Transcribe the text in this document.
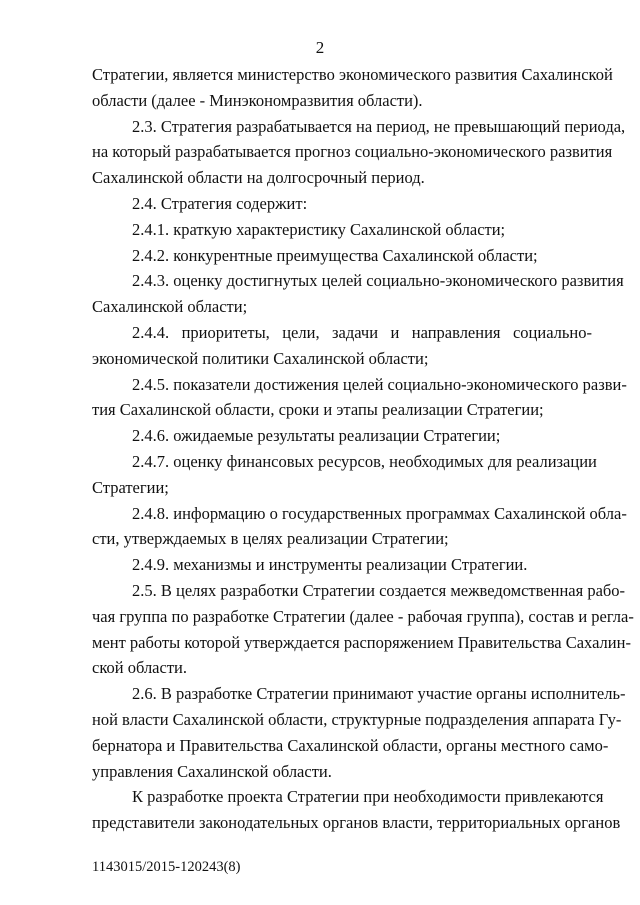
2
Стратегии, является министерство экономического развития Сахалинской
области (далее - Минэкономразвития области).
2.3. Стратегия разрабатывается на период, не превышающий периода,
на который разрабатывается прогноз социально-экономического развития
Сахалинской области на долгосрочный период.
2.4. Стратегия содержит:
2.4.1. краткую характеристику Сахалинской области;
2.4.2. конкурентные преимущества Сахалинской области;
2.4.3. оценку достигнутых целей социально-экономического развития
Сахалинской области;
2.4.4. приоритеты, цели, задачи и направления социально-
экономической политики Сахалинской области;
2.4.5. показатели достижения целей социально-экономического разви-
тия Сахалинской области, сроки и этапы реализации Стратегии;
2.4.6. ожидаемые результаты реализации Стратегии;
2.4.7. оценку финансовых ресурсов, необходимых для реализации
Стратегии;
2.4.8. информацию о государственных программах Сахалинской обла-
сти, утверждаемых в целях реализации Стратегии;
2.4.9. механизмы и инструменты реализации Стратегии.
2.5. В целях разработки Стратегии создается межведомственная рабо-
чая группа по разработке Стратегии (далее - рабочая группа), состав и регла-
мент работы которой утверждается распоряжением Правительства Сахалин-
ской области.
2.6. В разработке Стратегии принимают участие органы исполнитель-
ной власти Сахалинской области, структурные подразделения аппарата Гу-
бернатора и Правительства Сахалинской области, органы местного само-
управления Сахалинской области.
К разработке проекта Стратегии при необходимости привлекаются
представители законодательных органов власти, территориальных органов
1143015/2015-120243(8)
